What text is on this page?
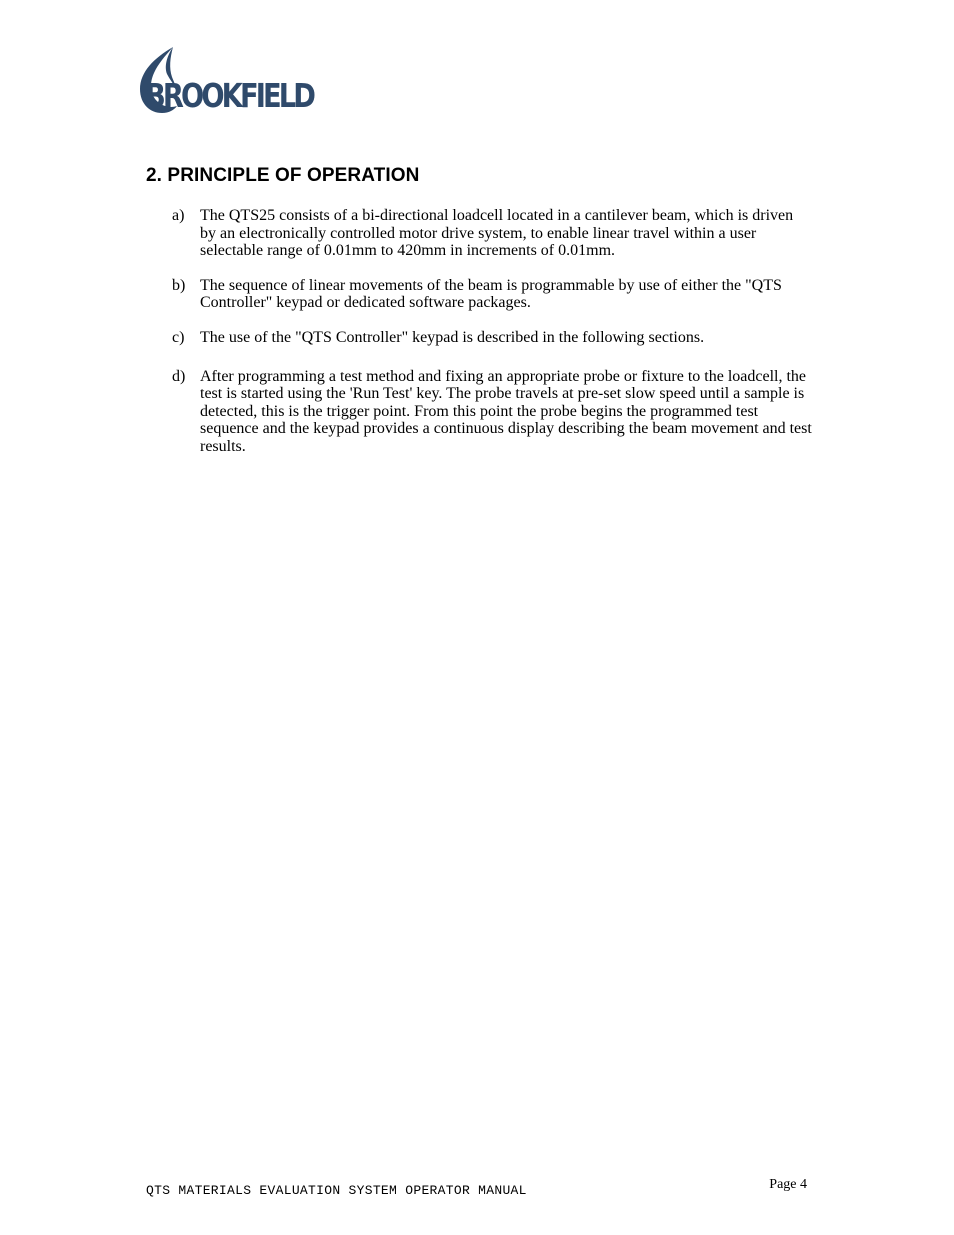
BROOKFIELD
2. PRINCIPLE OF OPERATION
a) The QTS25 consists of a bi-directional loadcell located in a cantilever beam, which is driven by an electronically controlled motor drive system, to enable linear travel within a user selectable range of 0.01mm to 420mm in increments of 0.01mm.
b) The sequence of linear movements of the beam is programmable by use of either the "QTS Controller" keypad or dedicated software packages.
c) The use of the "QTS Controller" keypad is described in the following sections.
d) After programming a test method and fixing an appropriate probe or fixture to the loadcell, the test is started using the 'Run Test' key. The probe travels at pre-set slow speed until a sample is detected, this is the trigger point. From this point the probe begins the programmed test sequence and the keypad provides a continuous display describing the beam movement and test results.
QTS MATERIALS EVALUATION SYSTEM OPERATOR MANUAL	Page 4
